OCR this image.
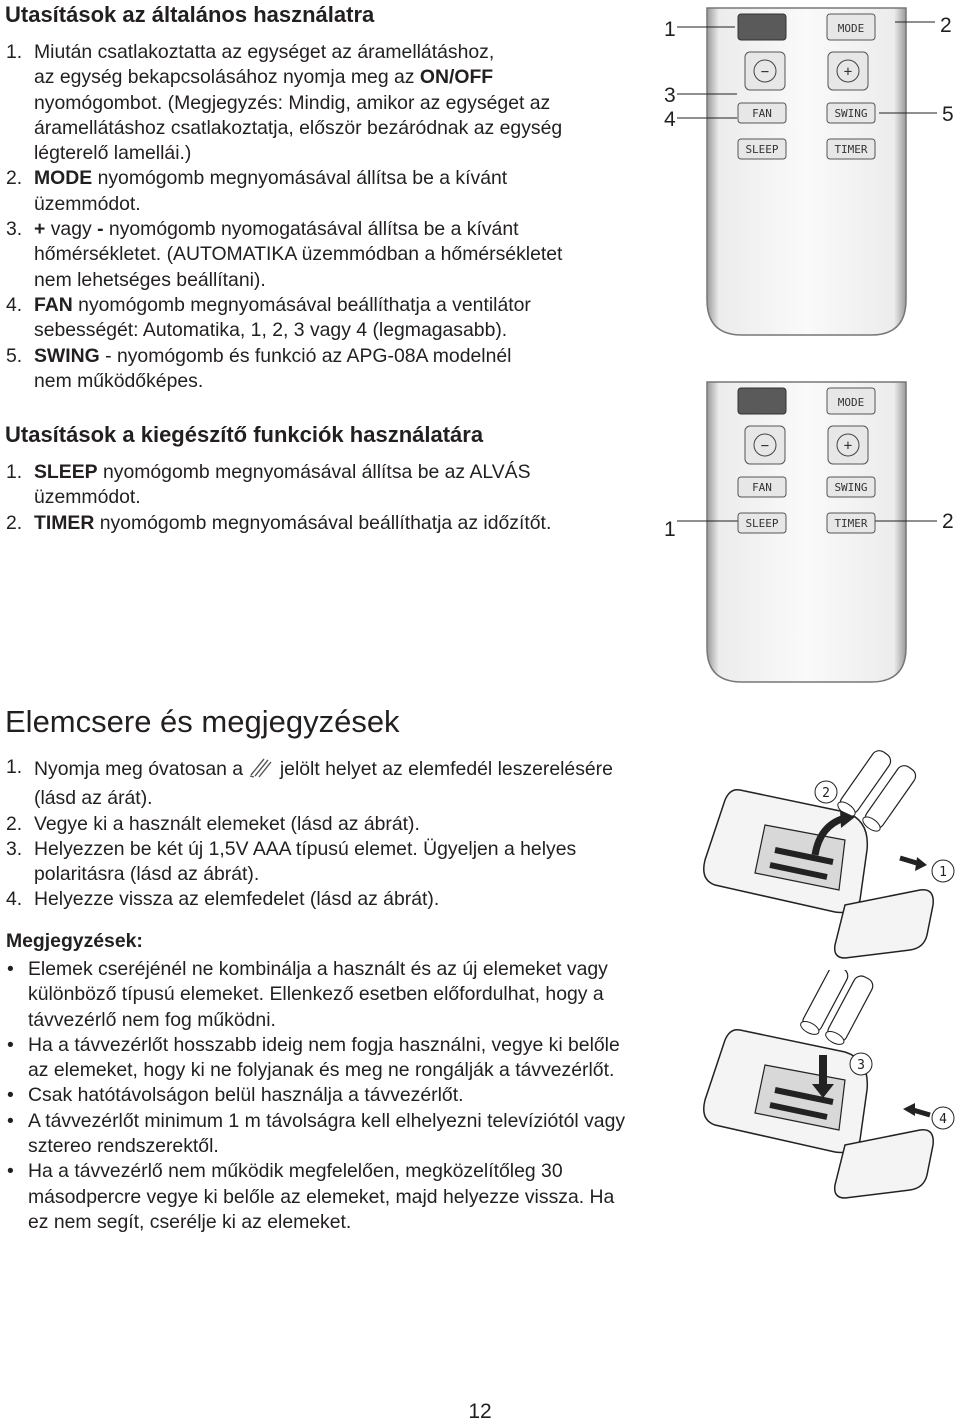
Utasítások az általános használatra
1. Miután csatlakoztatta az egységet az áramellátáshoz,
az egység bekapcsolásához nyomja meg az ON/OFF
nyomógombot. (Megjegyzés: Mindig, amikor az egységet az
áramellátáshoz csatlakoztatja, először bezáródnak az egység
légterelő lamellái.)
2. MODE nyomógomb megnyomásával állítsa be a kívánt
üzemmódot.
3. + vagy - nyomógomb nyomogatásával állítsa be a kívánt
hőmérsékletet. (AUTOMATIKA üzemmódban a hőmérsékletet
nem lehetséges beállítani).
4. FAN nyomógomb megnyomásával beállíthatja a ventilátor
sebességét: Automatika, 1, 2, 3 vagy 4 (legmagasabb).
5. SWING - nyomógomb és funkció az APG-08A modelnél
nem működőképes.
Utasítások a kiegészítő funkciók használatára
1. SLEEP nyomógomb megnyomásával állítsa be az ALVÁS
üzemmódot.
2. TIMER nyomógomb megnyomásával beállíthatja az időzítőt.
MODE
−	+
FAN	SWING
SLEEP	TIMER
1	2
3
4	5
MODE
−	+
FAN	SWING
SLEEP	TIMER
1	2
Elemcsere és megjegyzések
1. Nyomja meg óvatosan a  jelölt helyet az elemfedél leszerelésére
(lásd az árát).
2. Vegye ki a használt elemeket (lásd az ábrát).
3. Helyezzen be két új 1,5V AAA típusú elemet. Ügyeljen a helyes
polaritásra (lásd az ábrát).
4. Helyezze vissza az elemfedelet (lásd az ábrát).

Megjegyzések:

• Elemek cseréjénél ne kombinálja a használt és az új elemeket vagy
különböző típusú elemeket. Ellenkező esetben előfordulhat, hogy a
távvezérlő nem fog működni.
• Ha a távvezérlőt hosszabb ideig nem fogja használni, vegye ki belőle
az elemeket, hogy ki ne folyjanak és meg ne rongálják a távvezérlőt.
• Csak hatótávolságon belül használja a távvezérlőt.
• A távvezérlőt minimum 1 m távolságra kell elhelyezni televíziótól vagy
sztereo rendszerektől.
• Ha a távvezérlő nem működik megfelelően, megközelítőleg 30
másodpercre vegye ki belőle az elemeket, majd helyezze vissza. Ha
ez nem segít, cserélje ki az elemeket.
2
1
3
4
12
